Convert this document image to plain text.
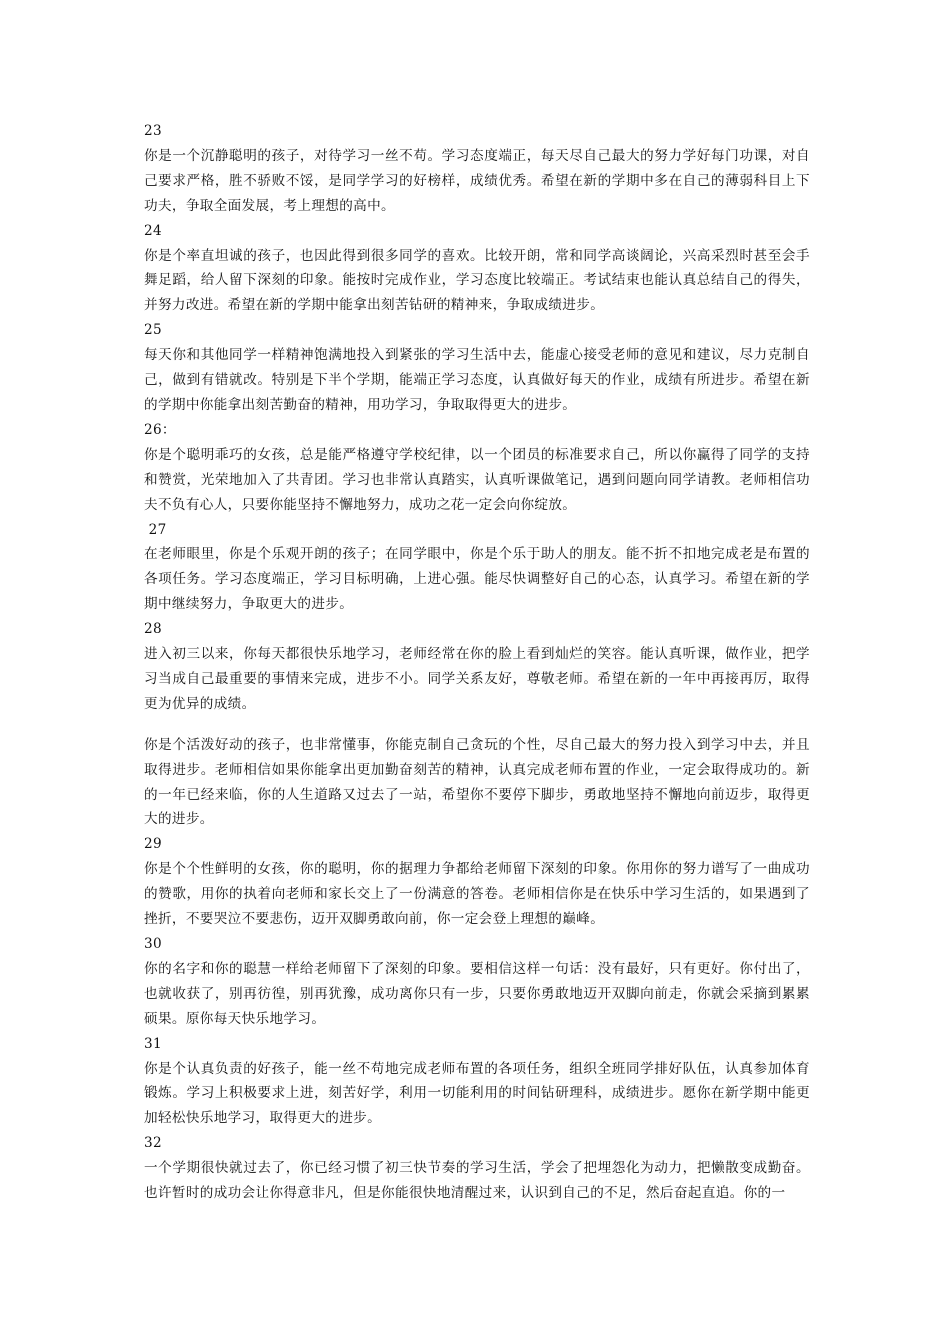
23
你是一个沉静聪明的孩子，对待学习一丝不苟。学习态度端正，每天尽自己最大的努力学好每门功课，对自己要求严格，胜不骄败不馁，是同学学习的好榜样，成绩优秀。希望在新的学期中多在自己的薄弱科目上下功夫，争取全面发展，考上理想的高中。
24
你是个率直坦诚的孩子，也因此得到很多同学的喜欢。比较开朗，常和同学高谈阔论，兴高采烈时甚至会手舞足蹈，给人留下深刻的印象。能按时完成作业，学习态度比较端正。考试结束也能认真总结自己的得失，并努力改进。希望在新的学期中能拿出刻苦钻研的精神来，争取成绩进步。
25
每天你和其他同学一样精神饱满地投入到紧张的学习生活中去，能虚心接受老师的意见和建议，尽力克制自己，做到有错就改。特别是下半个学期，能端正学习态度，认真做好每天的作业，成绩有所进步。希望在新的学期中你能拿出刻苦勤奋的精神，用功学习，争取取得更大的进步。
26：
你是个聪明乖巧的女孩，总是能严格遵守学校纪律，以一个团员的标准要求自己，所以你赢得了同学的支持和赞赏，光荣地加入了共青团。学习也非常认真踏实，认真听课做笔记，遇到问题向同学请教。老师相信功夫不负有心人，只要你能坚持不懈地努力，成功之花一定会向你绽放。
27
在老师眼里，你是个乐观开朗的孩子；在同学眼中，你是个乐于助人的朋友。能不折不扣地完成老是布置的各项任务。学习态度端正，学习目标明确，上进心强。能尽快调整好自己的心态，认真学习。希望在新的学期中继续努力，争取更大的进步。
28
进入初三以来，你每天都很快乐地学习，老师经常在你的脸上看到灿烂的笑容。能认真听课，做作业，把学习当成自己最重要的事情来完成，进步不小。同学关系友好，尊敬老师。希望在新的一年中再接再厉，取得更为优异的成绩。
你是个活泼好动的孩子，也非常懂事，你能克制自己贪玩的个性，尽自己最大的努力投入到学习中去，并且取得进步。老师相信如果你能拿出更加勤奋刻苦的精神，认真完成老师布置的作业，一定会取得成功的。新的一年已经来临，你的人生道路又过去了一站，希望你不要停下脚步，勇敢地坚持不懈地向前迈步，取得更大的进步。
29
你是个个性鲜明的女孩，你的聪明，你的据理力争都给老师留下深刻的印象。你用你的努力谱写了一曲成功的赞歌，用你的执着向老师和家长交上了一份满意的答卷。老师相信你是在快乐中学习生活的，如果遇到了挫折，不要哭泣不要悲伤，迈开双脚勇敢向前，你一定会登上理想的巅峰。
30
你的名字和你的聪慧一样给老师留下了深刻的印象。要相信这样一句话：没有最好，只有更好。你付出了，也就收获了，别再彷徨，别再犹豫，成功离你只有一步，只要你勇敢地迈开双脚向前走，你就会采摘到累累硕果。原你每天快乐地学习。
31
你是个认真负责的好孩子，能一丝不苟地完成老师布置的各项任务，组织全班同学排好队伍，认真参加体育锻炼。学习上积极要求上进，刻苦好学，利用一切能利用的时间钻研理科，成绩进步。愿你在新学期中能更加轻松快乐地学习，取得更大的进步。
32
一个学期很快就过去了，你已经习惯了初三快节奏的学习生活，学会了把埋怨化为动力，把懒散变成勤奋。也许暂时的成功会让你得意非凡，但是你能很快地清醒过来，认识到自己的不足，然后奋起直追。你的一
